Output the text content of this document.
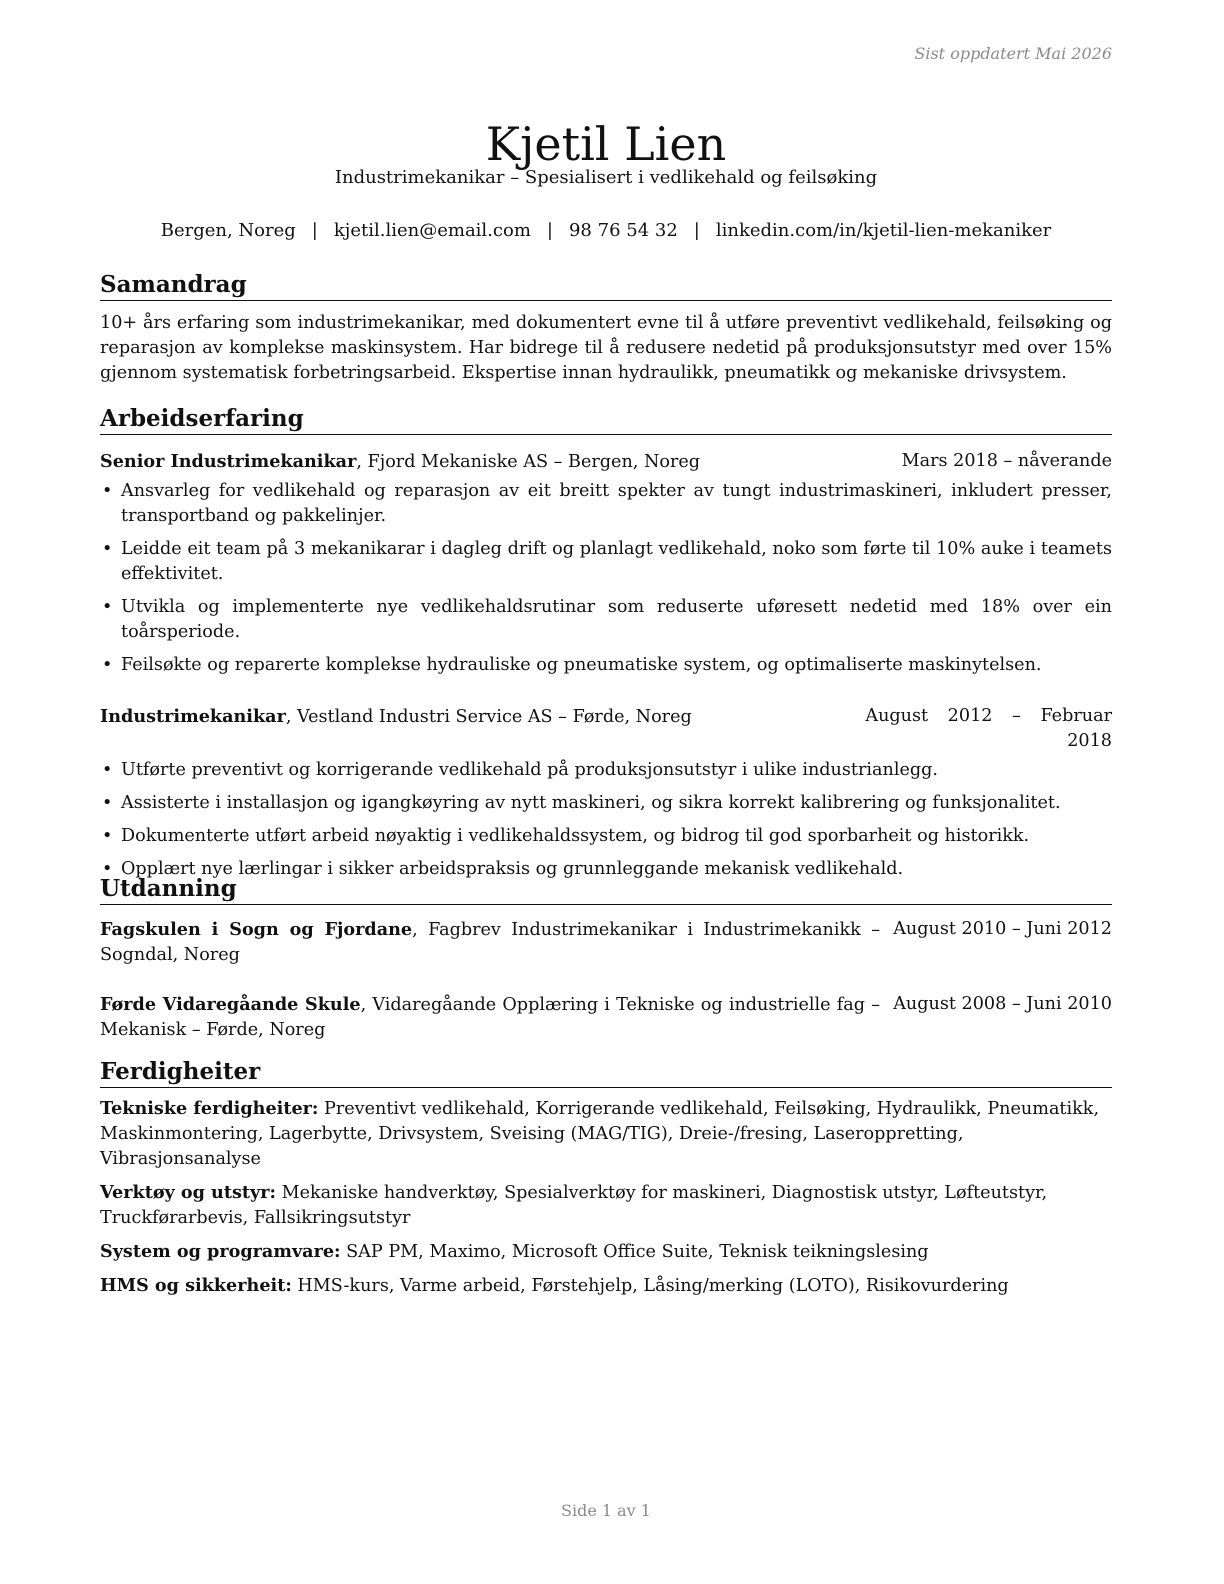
Sist oppdatert Mai 2026
Kjetil Lien
Industrimekanikar – Spesialisert i vedlikehald og feilsøking
Bergen, Noreg | kjetil.lien@email.com | 98 76 54 32 | linkedin.com/in/kjetil-lien-mekaniker
Samandrag

10+ års erfaring som industrimekanikar, med dokumentert evne til å utføre preventivt vedlikehald, feilsøking og reparasjon av komplekse maskinsystem. Har bidrege til å redusere nedetid på produksjonsutstyr med over 15% gjennom systematisk forbetringsarbeid. Ekspertise innan hydraulikk, pneumatikk og mekaniske drivsystem.

Arbeidserfaring
Senior Industrimekanikar, Fjord Mekaniske AS – Bergen, Noreg	Mars 2018 – nåverande
• Ansvarleg for vedlikehald og reparasjon av eit breitt spekter av tungt industrimaskineri, inkludert presser, transportband og pakkelinjer.
• Leidde eit team på 3 mekanikarar i dagleg drift og planlagt vedlikehald, noko som førte til 10% auke i teamets effektivitet.
• Utvikla og implementerte nye vedlikehaldsrutinar som reduserte uføresett nedetid med 18% over ein toårsperiode.
• Feilsøkte og reparerte komplekse hydrauliske og pneumatiske system, og optimaliserte maskinytelsen.
Industrimekanikar, Vestland Industri Service AS – Førde, Noreg	August 2012 – Februar
2018
• Utførte preventivt og korrigerande vedlikehald på produksjonsutstyr i ulike industrianlegg.
• Assisterte i installasjon og igangkøyring av nytt maskineri, og sikra korrekt kalibrering og funksjonalitet.
• Dokumenterte utført arbeid nøyaktig i vedlikehaldssystem, og bidrog til god sporbarheit og historikk.
• Opplært nye lærlingar i sikker arbeidspraksis og grunnleggande mekanisk vedlikehald.
Utdanning
Fagskulen i Sogn og Fjordane, Fagbrev Industrimekanikar i Industrimekanikk – Sogndal, Noreg
August 2010 – Juni 2012
Førde Vidaregåande Skule, Vidaregåande Opplæring i Tekniske og industrielle fag – Mekanisk – Førde, Noreg
August 2008 – Juni 2010
Ferdigheiter
Tekniske ferdigheiter: Preventivt vedlikehald, Korrigerande vedlikehald, Feilsøking, Hydraulikk, Pneumatikk, Maskinmontering, Lagerbytte, Drivsystem, Sveising (MAG/TIG), Dreie-/fresing, Laseroppretting, Vibrasjonsanalyse
Verktøy og utstyr: Mekaniske handverktøy, Spesialverktøy for maskineri, Diagnostisk utstyr, Løfteutstyr, Truckførarbevis, Fallsikringsutstyr
System og programvare: SAP PM, Maximo, Microsoft Office Suite, Teknisk teikningslesing
HMS og sikkerheit: HMS-kurs, Varme arbeid, Førstehjelp, Låsing/merking (LOTO), Risikovurdering
Side 1 av 1
